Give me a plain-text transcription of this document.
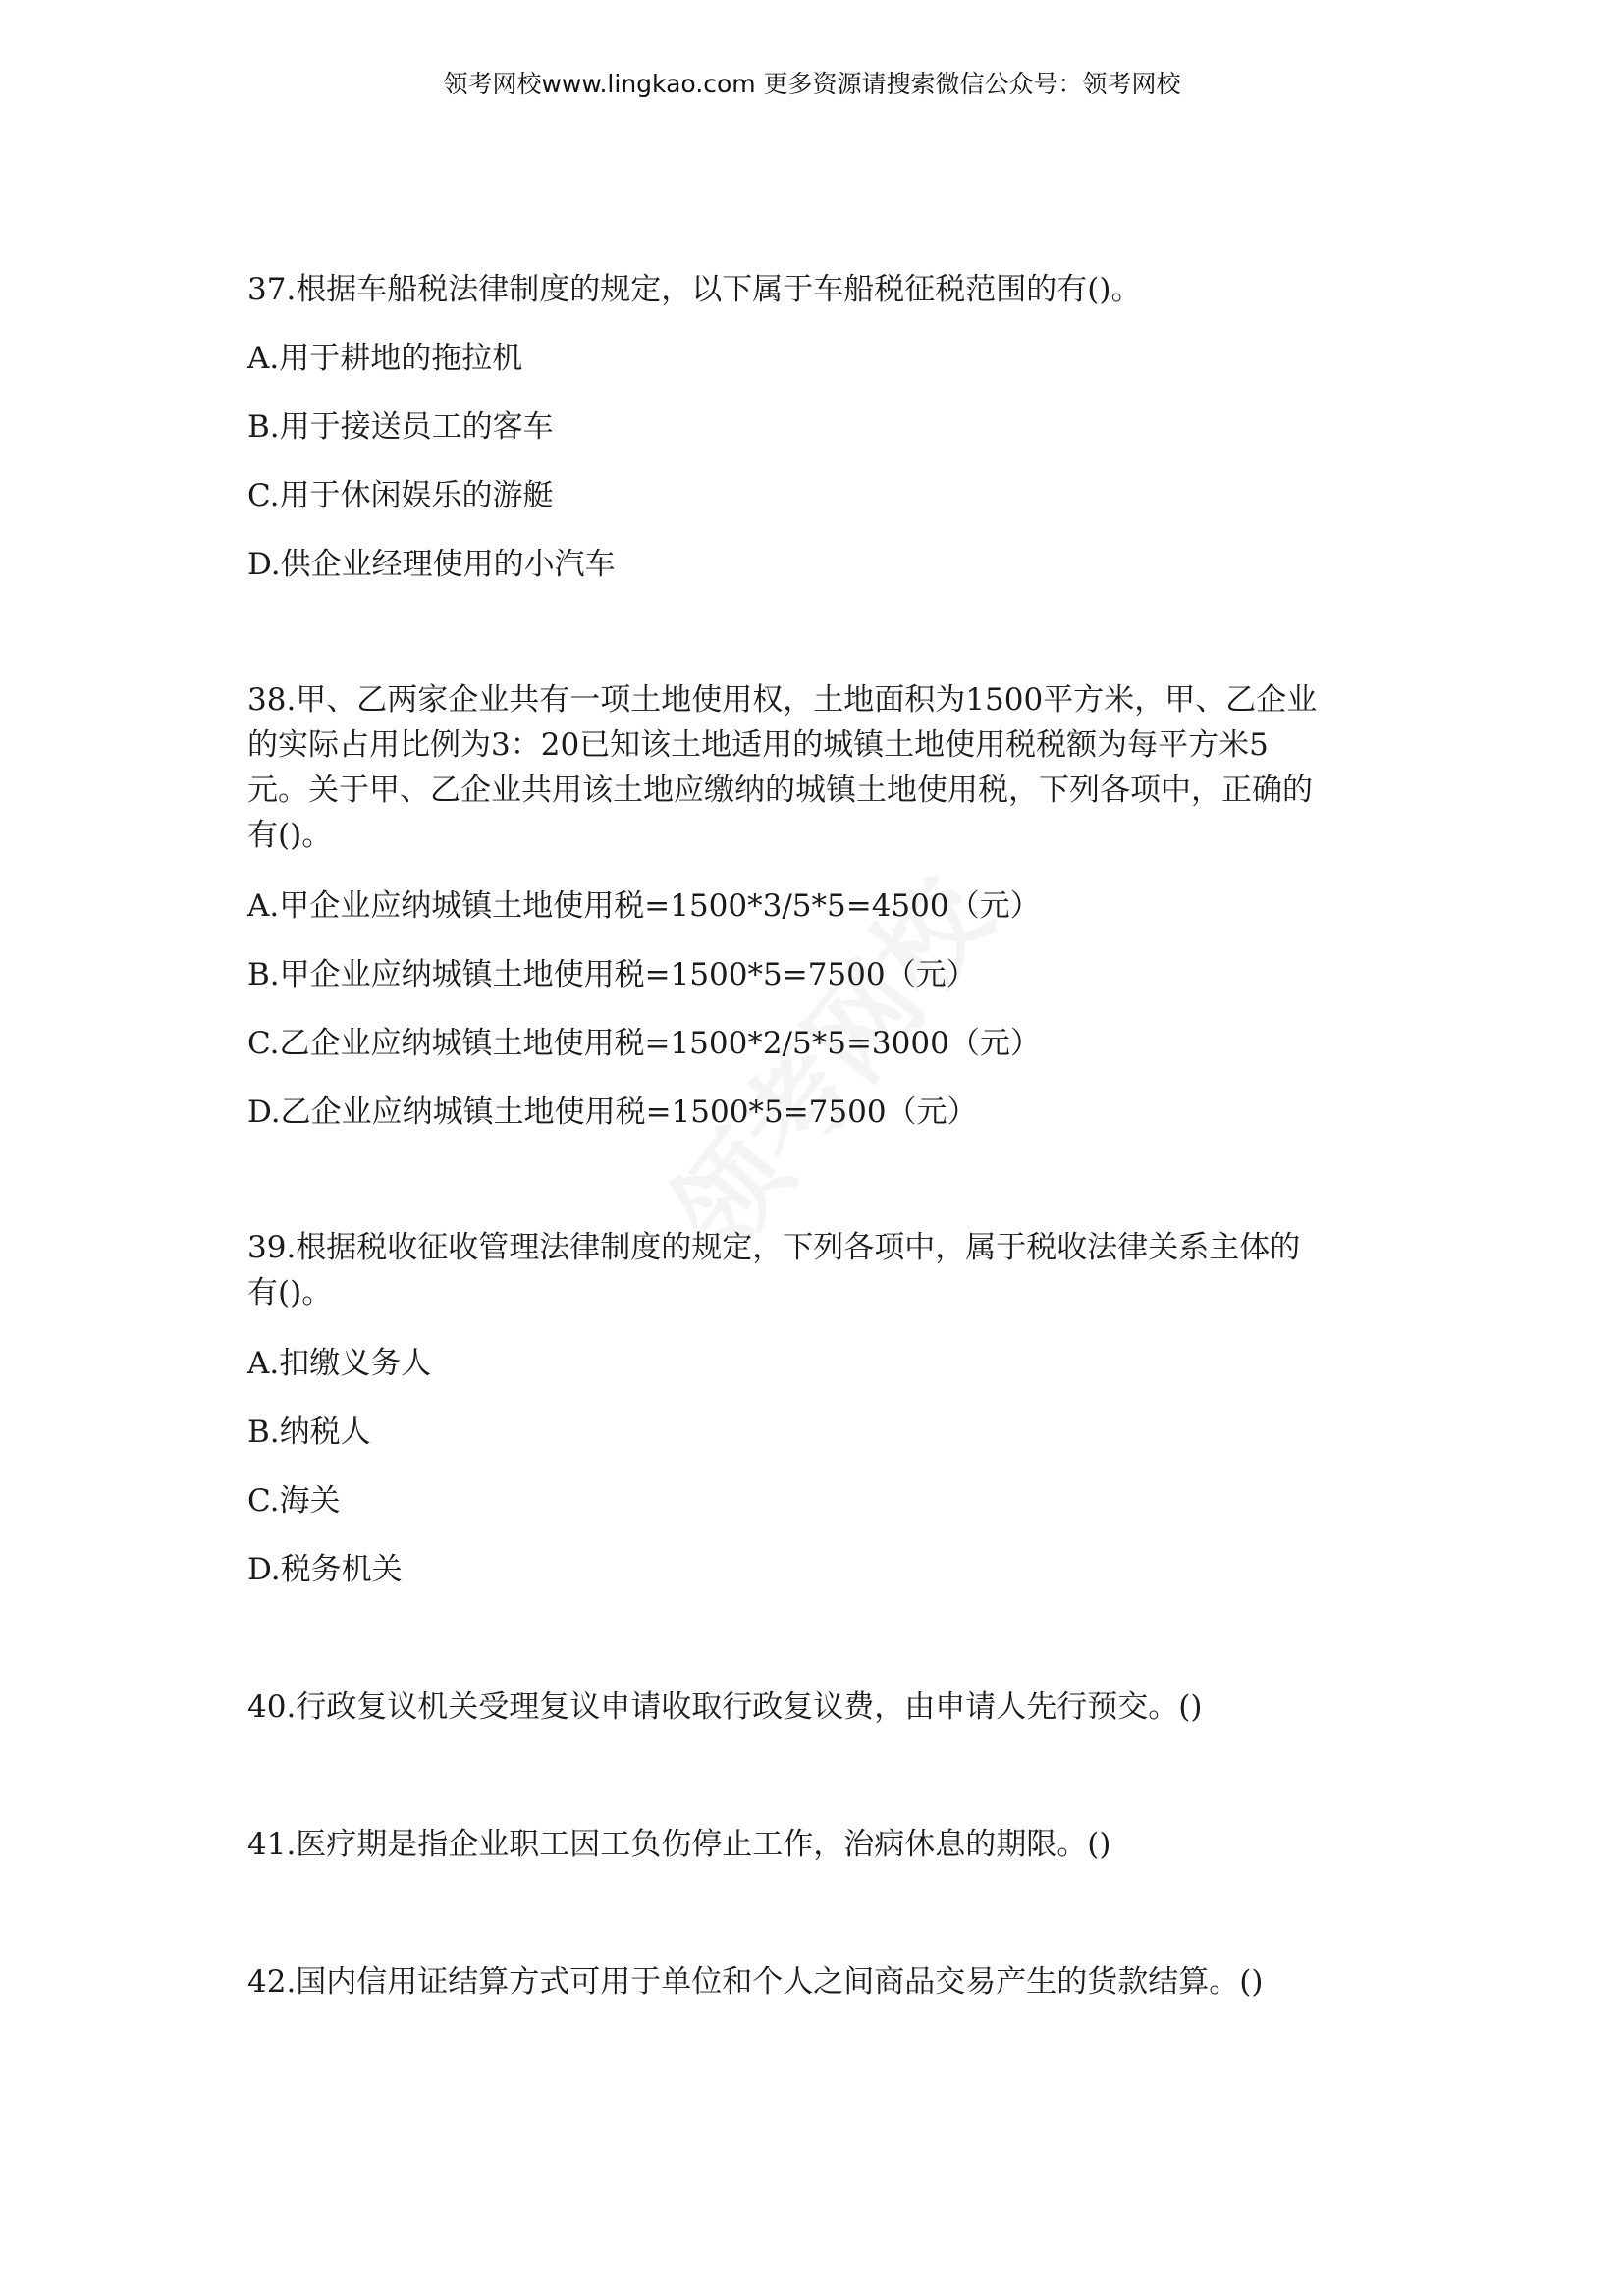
领考网校www.lingkao.com 更多资源请搜索微信公众号：领考网校

37.根据车船税法律制度的规定，以下属于车船税征税范围的有()。

A.用于耕地的拖拉机

B.用于接送员工的客车

C.用于休闲娱乐的游艇

D.供企业经理使用的小汽车

38.甲、乙两家企业共有一项土地使用权，土地面积为1500平方米，甲、乙企业

的实际占用比例为3：20已知该土地适用的城镇土地使用税税额为每平方米5

元。关于甲、乙企业共用该土地应缴纳的城镇土地使用税，下列各项中，正确的

有()。

A.甲企业应纳城镇土地使用税=1500*3/5*5=4500（元）

B.甲企业应纳城镇土地使用税=1500*5=7500（元）

C.乙企业应纳城镇土地使用税=1500*2/5*5=3000（元）

D.乙企业应纳城镇土地使用税=1500*5=7500（元）

39.根据税收征收管理法律制度的规定，下列各项中，属于税收法律关系主体的

有()。

A.扣缴义务人

B.纳税人

C.海关

D.税务机关

40.行政复议机关受理复议申请收取行政复议费，由申请人先行预交。()

41.医疗期是指企业职工因工负伤停止工作，治病休息的期限。()

42.国内信用证结算方式可用于单位和个人之间商品交易产生的货款结算。()
